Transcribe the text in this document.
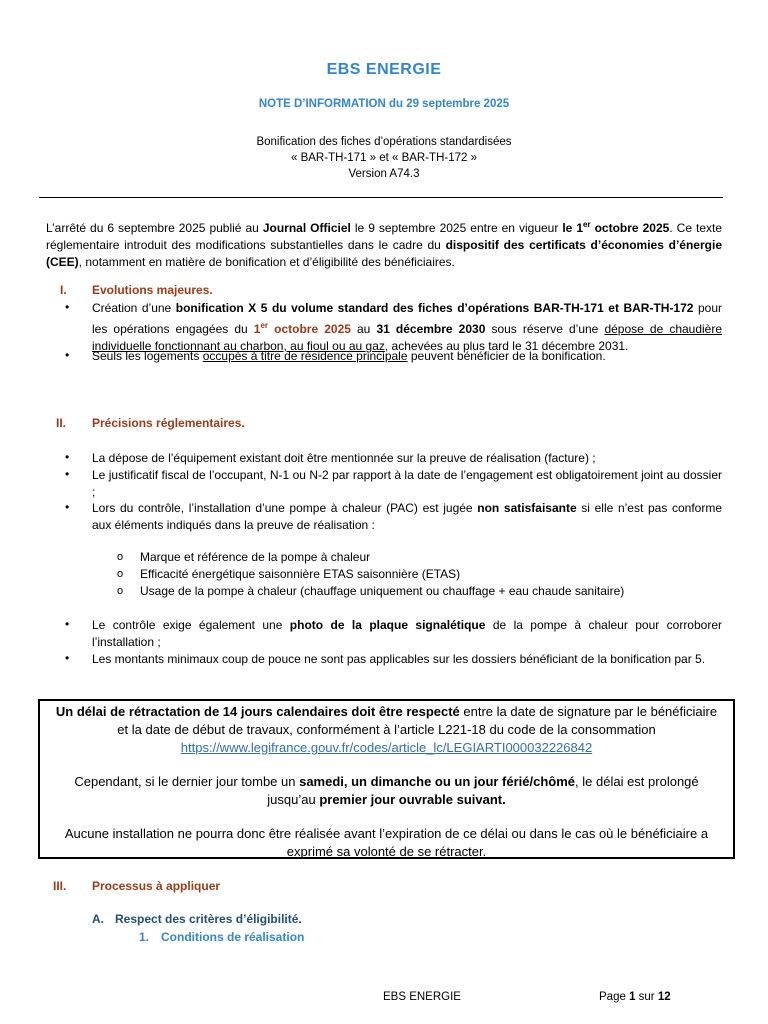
EBS ENERGIE
NOTE D’INFORMATION du 29 septembre 2025
Bonification des fiches d’opérations standardisées
« BAR-TH-171 » et « BAR-TH-172 »
Version A74.3
L’arrêté du 6 septembre 2025 publié au Journal Officiel le 9 septembre 2025 entre en vigueur le 1er octobre 2025. Ce texte réglementaire introduit des modifications substantielles dans le cadre du dispositif des certificats d’économies d’énergie (CEE), notamment en matière de bonification et d’éligibilité des bénéficiaires.
I. Evolutions majeures.
• Création d’une bonification X 5 du volume standard des fiches d’opérations BAR-TH-171 et BAR-TH-172 pour les opérations engagées du 1er octobre 2025 au 31 décembre 2030 sous réserve d’une dépose de chaudière individuelle fonctionnant au charbon, au fioul ou au gaz, achevées au plus tard le 31 décembre 2031.
• Seuls les logements occupés à titre de résidence principale peuvent bénéficier de la bonification.
II. Précisions réglementaires.
• La dépose de l’équipement existant doit être mentionnée sur la preuve de réalisation (facture) ;
• Le justificatif fiscal de l’occupant, N-1 ou N-2 par rapport à la date de l’engagement est obligatoirement joint au dossier ;
• Lors du contrôle, l’installation d’une pompe à chaleur (PAC) est jugée non satisfaisante si elle n’est pas conforme aux éléments indiqués dans la preuve de réalisation :
o Marque et référence de la pompe à chaleur
o Efficacité énergétique saisonnière ETAS saisonnière (ETAS)
o Usage de la pompe à chaleur (chauffage uniquement ou chauffage + eau chaude sanitaire)
• Le contrôle exige également une photo de la plaque signalétique de la pompe à chaleur pour corroborer l’installation ;
• Les montants minimaux coup de pouce ne sont pas applicables sur les dossiers bénéficiant de la bonification par 5.

Un délai de rétractation de 14 jours calendaires doit être respecté entre la date de signature par le bénéficiaire et la date de début de travaux, conformément à l’article L221-18 du code de la consommation

https://www.legifrance.gouv.fr/codes/article_lc/LEGIARTI000032226842

Cependant, si le dernier jour tombe un samedi, un dimanche ou un jour férié/chômé, le délai est prolongé jusqu’au premier jour ouvrable suivant.

Aucune installation ne pourra donc être réalisée avant l’expiration de ce délai ou dans le cas où le bénéficiaire a exprimé sa volonté de se rétracter.

III. Processus à appliquer
A. Respect des critères d’éligibilité.
1. Conditions de réalisation
EBS ENERGIE	Page 1 sur 12
